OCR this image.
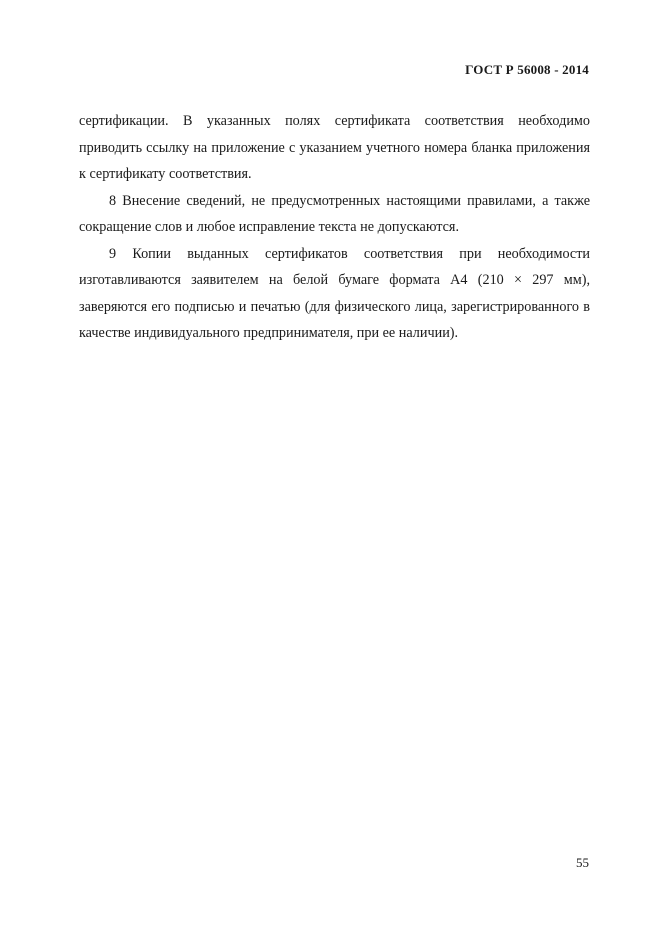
ГОСТ Р 56008 - 2014

сертификации. В указанных полях сертификата соответствия необходимо приводить ссылку на приложение с указанием учетного номера бланка приложения к сертификату соответствия.

8 Внесение сведений, не предусмотренных настоящими правилами, а также сокращение слов и любое исправление текста не допускаются.

9 Копии выданных сертификатов соответствия при необходимости изготавливаются заявителем на белой бумаге формата А4 (210 × 297 мм), заверяются его подписью и печатью (для физического лица, зарегистрированного в качестве индивидуального предпринимателя, при ее наличии).

55
